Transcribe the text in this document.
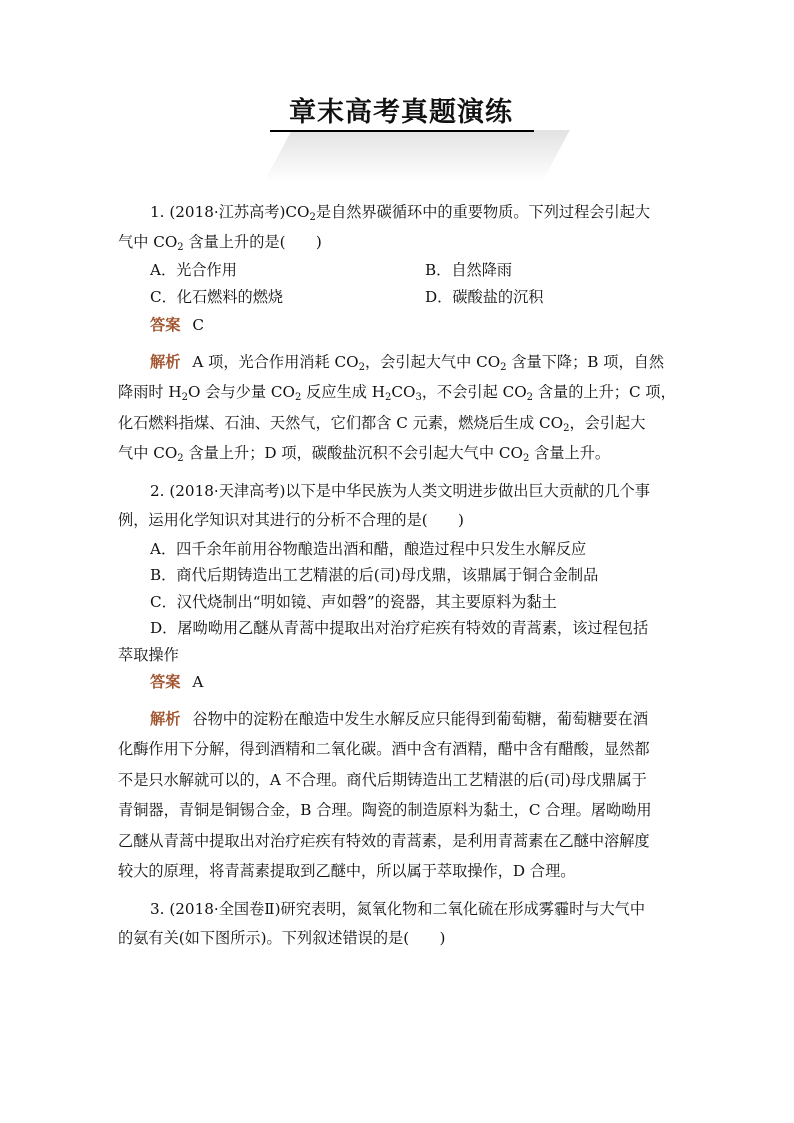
章末高考真题演练

1. (2018·江苏高考)$CO_2$是自然界碳循环中的重要物质。下列过程会引起大

气中 $CO_2$ 含量上升的是(　　)

A．光合作用	B．自然降雨
C．化石燃料的燃烧	D．碳酸盐的沉积

答案 C

解析 A 项，光合作用消耗 $CO_2$，会引起大气中 $CO_2$ 含量下降；B 项，自然

降雨时 $H_2O$ 会与少量 $CO_2$ 反应生成 $H_2CO_3$，不会引起 $CO_2$ 含量的上升；C 项，

化石燃料指煤、石油、天然气，它们都含 C 元素，燃烧后生成 $CO_2$，会引起大

气中 $CO_2$ 含量上升；D 项，碳酸盐沉积不会引起大气中 $CO_2$ 含量上升。

2. (2018·天津高考)以下是中华民族为人类文明进步做出巨大贡献的几个事

例，运用化学知识对其进行的分析不合理的是(　　)

A．四千余年前用谷物酿造出酒和醋，酿造过程中只发生水解反应

B．商代后期铸造出工艺精湛的后(司)母戊鼎，该鼎属于铜合金制品

C．汉代烧制出“明如镜、声如磬”的瓷器，其主要原料为黏土

D．屠呦呦用乙醚从青蒿中提取出对治疗疟疾有特效的青蒿素，该过程包括

萃取操作

答案 A

解析 谷物中的淀粉在酿造中发生水解反应只能得到葡萄糖，葡萄糖要在酒

化酶作用下分解，得到酒精和二氧化碳。酒中含有酒精，醋中含有醋酸，显然都

不是只水解就可以的，A 不合理。商代后期铸造出工艺精湛的后(司)母戊鼎属于

青铜器，青铜是铜锡合金，B 合理。陶瓷的制造原料为黏土，C 合理。屠呦呦用

乙醚从青蒿中提取出对治疗疟疾有特效的青蒿素，是利用青蒿素在乙醚中溶解度

较大的原理，将青蒿素提取到乙醚中，所以属于萃取操作，D 合理。

3. (2018·全国卷Ⅱ)研究表明，氮氧化物和二氧化硫在形成雾霾时与大气中

的氨有关(如下图所示)。下列叙述错误的是(　　)
